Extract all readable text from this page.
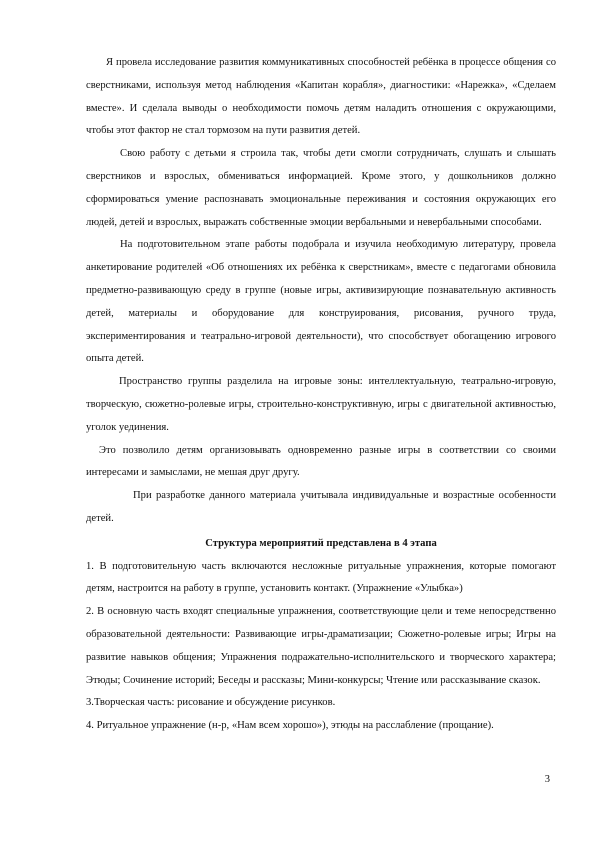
Я провела исследование развития коммуникативных способностей ребёнка в процессе общения со сверстниками, используя метод наблюдения «Капитан корабля», диагностики: «Нарежка», «Сделаем вместе». И сделала выводы о необходимости помочь детям наладить отношения с окружающими, чтобы этот фактор не стал тормозом на пути развития детей.

Свою работу с детьми я строила так, чтобы дети смогли сотрудничать, слушать и слышать сверстников и взрослых, обмениваться информацией. Кроме этого, у дошкольников должно сформироваться умение распознавать эмоциональные переживания и состояния окружающих его людей, детей и взрослых, выражать собственные эмоции вербальными и невербальными способами.

На подготовительном этапе работы подобрала и изучила необходимую литературу, провела анкетирование родителей «Об отношениях их ребёнка к сверстникам», вместе с педагогами обновила предметно-развивающую среду в группе (новые игры, активизирующие познавательную активность детей, материалы и оборудование для конструирования, рисования, ручного труда, экспериментирования и театрально-игровой деятельности), что способствует обогащению игрового опыта детей.

Пространство группы разделила на игровые зоны: интеллектуальную, театрально-игровую, творческую, сюжетно-ролевые игры, строительно-конструктивную, игры с двигательной активностью, уголок уединения.

Это позволило детям организовывать одновременно разные игры в соответствии со своими интересами и замыслами, не мешая друг другу.

При разработке данного материала учитывала индивидуальные и возрастные особенности детей.

Структура мероприятий представлена в 4 этапа

1. В подготовительную часть включаются несложные ритуальные упражнения, которые помогают детям, настроится на работу в группе, установить контакт. (Упражнение «Улыбка»)

2. В основную часть входят специальные упражнения, соответствующие цели и теме непосредственно образовательной деятельности: Развивающие игры-драматизации; Сюжетно-ролевые игры; Игры на развитие навыков общения; Упражнения подражательно-исполнительского и творческого характера; Этюды; Сочинение историй; Беседы и рассказы; Мини-конкурсы; Чтение или рассказывание сказок.

3.Творческая часть: рисование и обсуждение рисунков.

4. Ритуальное упражнение (н-р, «Нам всем хорошо»), этюды на расслабление (прощание).

3
